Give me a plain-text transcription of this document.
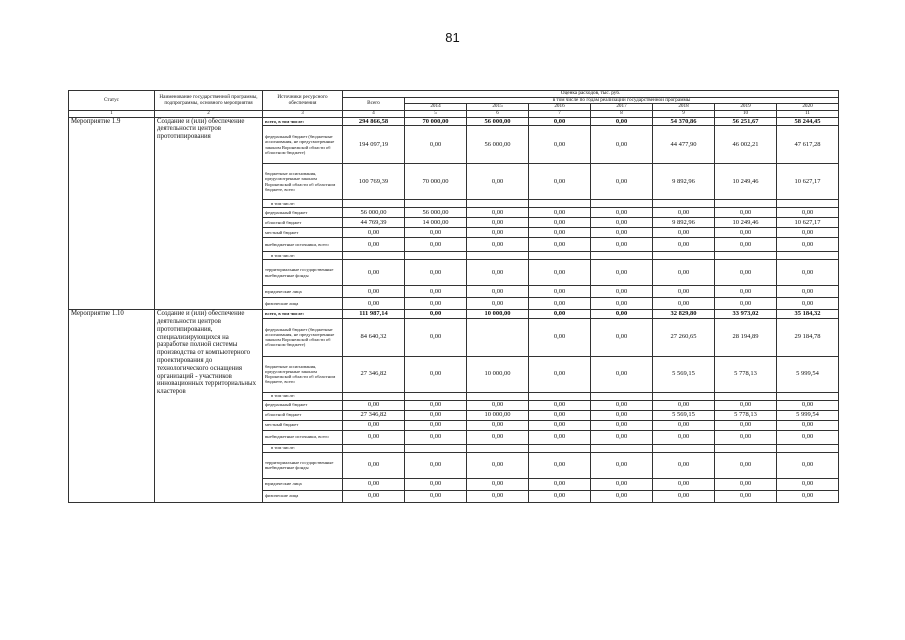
81
Статус	Наименование государственной программы, подпрограммы, основного мероприятия	Источники ресурсного обеспечения	Оценка расходов, тыс. руб.							
			Всего	в том числе по годам реализации государственной программы						
				2014	2015	2016	2017	2018	2019	2020
1	2	3	4	5	6	7	8	9	10	11
Мероприятие 1.9	Создание и (или) обеспечение деятельности центров прототипирования	всего, в том числе:	294 866,58	70 000,00	56 000,00	0,00	0,00	54 370,86	56 251,67	58 244,45
		федеральный бюджет (бюджетные ассигнования, не предусмотренные законом Воронежской области об областном бюджете)	194 097,19	0,00	56 000,00	0,00	0,00	44 477,90	46 002,21	47 617,28
		бюджетные ассигнования, предусмотренные законом Воронежской области об областном бюджете, всего	100 769,39	70 000,00	0,00	0,00	0,00	9 892,96	10 249,46	10 627,17
		в том числе:								
		федеральный бюджет	56 000,00	56 000,00	0,00	0,00	0,00	0,00	0,00	0,00
		областной бюджет	44 769,39	14 000,00	0,00	0,00	0,00	9 892,96	10 249,46	10 627,17
		местный бюджет	0,00	0,00	0,00	0,00	0,00	0,00	0,00	0,00
		внебюджетные источники, всего	0,00	0,00	0,00	0,00	0,00	0,00	0,00	0,00
		в том числе:								
		территориальные государственные внебюджетные фонды	0,00	0,00	0,00	0,00	0,00	0,00	0,00	0,00
		юридические лица	0,00	0,00	0,00	0,00	0,00	0,00	0,00	0,00
		физические лица	0,00	0,00	0,00	0,00	0,00	0,00	0,00	0,00
Мероприятие 1.10	Создание и (или) обеспечение деятельности центров прототипирования, специализирующихся на разработке полной системы производства от компьютерного проектирования до технологического оснащения организаций - участников инновационных территориальных кластеров	всего, в том числе:	111 987,14	0,00	10 000,00	0,00	0,00	32 829,80	33 973,02	35 184,32
		федеральный бюджет (бюджетные ассигнования, не предусмотренные законом Воронежской области об областном бюджете)	84 640,32	0,00		0,00	0,00	27 260,65	28 194,89	29 184,78
		бюджетные ассигнования, предусмотренные законом Воронежской области об областном бюджете, всего	27 346,82	0,00	10 000,00	0,00	0,00	5 569,15	5 778,13	5 999,54
		в том числе:								
		федеральный бюджет	0,00	0,00	0,00	0,00	0,00	0,00	0,00	0,00
		областной бюджет	27 346,82	0,00	10 000,00	0,00	0,00	5 569,15	5 778,13	5 999,54
		местный бюджет	0,00	0,00	0,00	0,00	0,00	0,00	0,00	0,00
		внебюджетные источники, всего	0,00	0,00	0,00	0,00	0,00	0,00	0,00	0,00
		в том числе:								
		территориальные государственные внебюджетные фонды	0,00	0,00	0,00	0,00	0,00	0,00	0,00	0,00
		юридические лица	0,00	0,00	0,00	0,00	0,00	0,00	0,00	0,00
		физические лица	0,00	0,00	0,00	0,00	0,00	0,00	0,00	0,00
